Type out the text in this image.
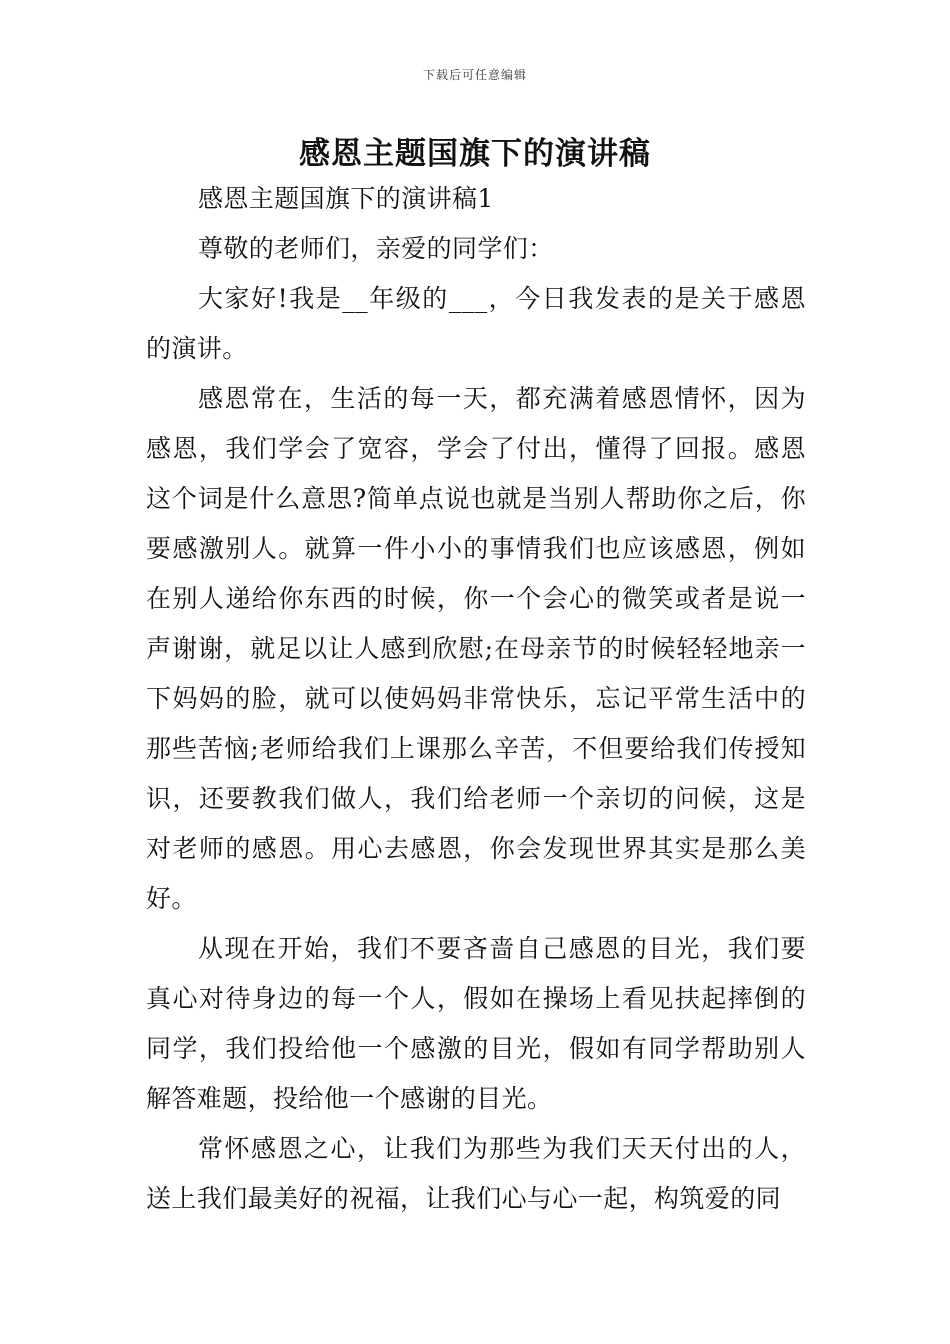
下载后可任意编辑
感恩主题国旗下的演讲稿

感恩主题国旗下的演讲稿1

尊敬的老师们，亲爱的同学们：

大家好!我是__年级的___，今日我发表的是关于感恩的演讲。

感恩常在，生活的每一天，都充满着感恩情怀，因为感恩，我们学会了宽容，学会了付出，懂得了回报。感恩这个词是什么意思?简单点说也就是当别人帮助你之后，你要感激别人。就算一件小小的事情我们也应该感恩，例如在别人递给你东西的时候，你一个会心的微笑或者是说一声谢谢，就足以让人感到欣慰;在母亲节的时候轻轻地亲一下妈妈的脸，就可以使妈妈非常快乐，忘记平常生活中的那些苦恼;老师给我们上课那么辛苦，不但要给我们传授知识，还要教我们做人，我们给老师一个亲切的问候，这是对老师的感恩。用心去感恩，你会发现世界其实是那么美好。

从现在开始，我们不要吝啬自己感恩的目光，我们要真心对待身边的每一个人，假如在操场上看见扶起摔倒的同学，我们投给他一个感激的目光，假如有同学帮助别人解答难题，投给他一个感谢的目光。

常怀感恩之心，让我们为那些为我们天天付出的人，送上我们最美好的祝福，让我们心与心一起，构筑爱的同
